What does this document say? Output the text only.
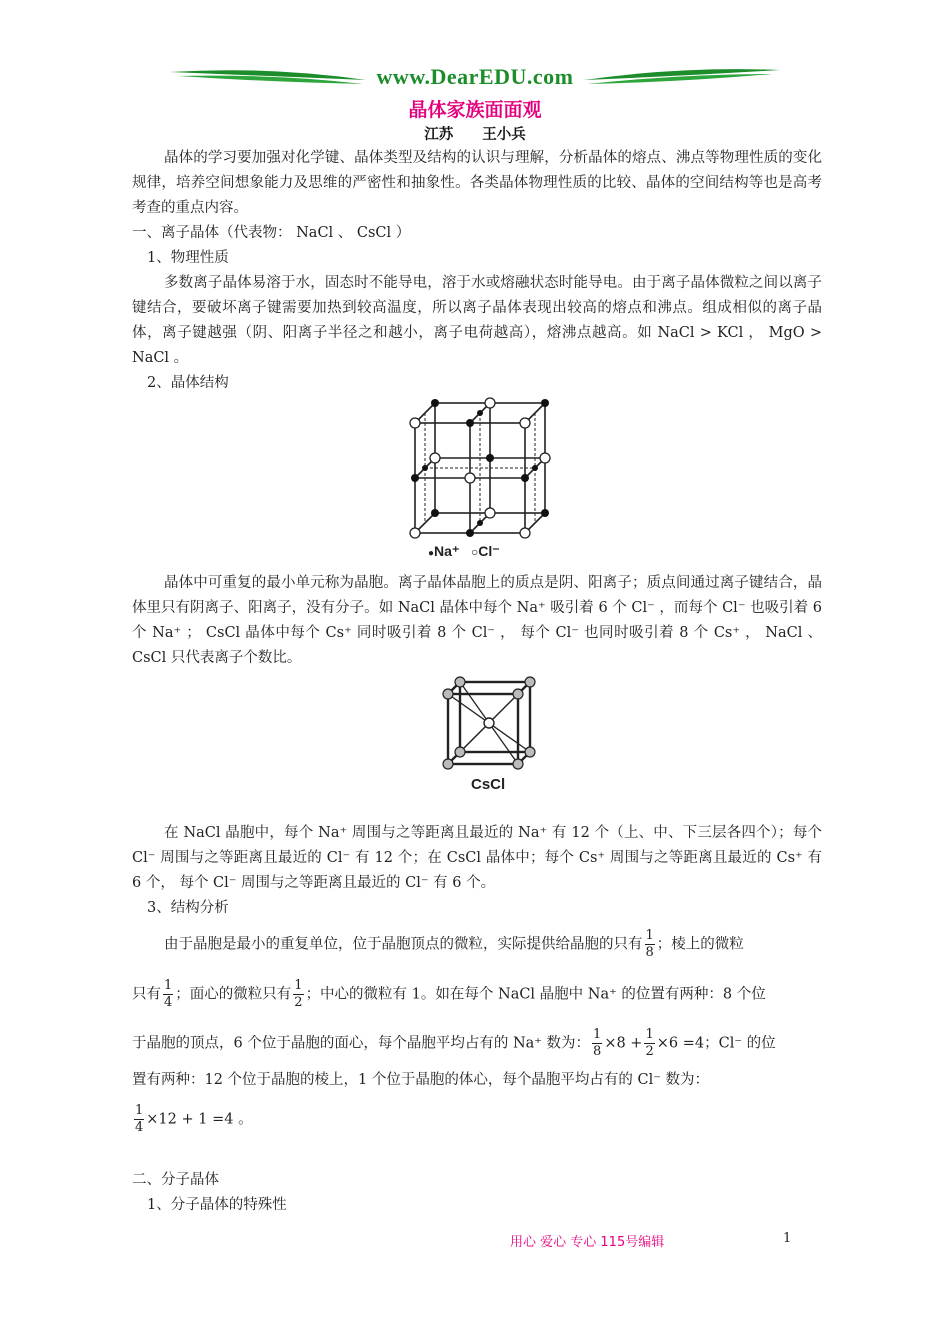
www.DearEDU.com
晶体家族面面观
江苏　　王小兵
晶体的学习要加强对化学键、晶体类型及结构的认识与理解，分析晶体的熔点、沸点等物理性质的变化规律，培养空间想象能力及思维的严密性和抽象性。各类晶体物理性质的比较、晶体的空间结构等也是高考考查的重点内容。
一、离子晶体（代表物： NaCl 、 CsCl ）
1、物理性质
多数离子晶体易溶于水，固态时不能导电，溶于水或熔融状态时能导电。由于离子晶体微粒之间以离子键结合，要破坏离子键需要加热到较高温度，所以离子晶体表现出较高的熔点和沸点。组成相似的离子晶体，离子键越强（阴、阳离子半径之和越小，离子电荷越高），熔沸点越高。如 NaCl > KCl ， MgO > NaCl 。
2、晶体结构
●Na⁺ ○Cl⁻
晶体中可重复的最小单元称为晶胞。离子晶体晶胞上的质点是阴、阳离子；质点间通过离子键结合，晶体里只有阴离子、阳离子，没有分子。如 NaCl 晶体中每个 Na⁺ 吸引着 6 个 Cl⁻ ，而每个 Cl⁻ 也吸引着 6 个 Na⁺ ； CsCl 晶体中每个 Cs⁺ 同时吸引着 8 个 Cl⁻ ， 每个 Cl⁻ 也同时吸引着 8 个 Cs⁺ ， NaCl 、CsCl 只代表离子个数比。
CsCl
在 NaCl 晶胞中，每个 Na⁺ 周围与之等距离且最近的 Na⁺ 有 12 个（上、中、下三层各四个）；每个 Cl⁻ 周围与之等距离且最近的 Cl⁻ 有 12 个；在 CsCl 晶体中；每个 Cs⁺ 周围与之等距离且最近的 Cs⁺ 有 6 个， 每个 Cl⁻ 周围与之等距离且最近的 Cl⁻ 有 6 个。
3、结构分析
由于晶胞是最小的重复单位，位于晶胞顶点的微粒，实际提供给晶胞的只有 $\frac{1}{8}$ ；棱上的微粒
只有 $\frac{1}{4}$ ；面心的微粒只有 $\frac{1}{2}$ ；中心的微粒有 1。如在每个 NaCl 晶胞中 Na⁺ 的位置有两种：8 个位
于晶胞的顶点，6 个位于晶胞的面心，每个晶胞平均占有的 Na⁺ 数为： $\frac{1}{8} \times 8 + \frac{1}{2} \times 6 =4$；Cl⁻ 的位
置有两种：12 个位于晶胞的棱上，1 个位于晶胞的体心，每个晶胞平均占有的 Cl⁻ 数为：
$\frac{1}{4} \times 12 + 1 =4$ 。
二、分子晶体
1、分子晶体的特殊性
用心 爱心 专心 115号编辑	1
